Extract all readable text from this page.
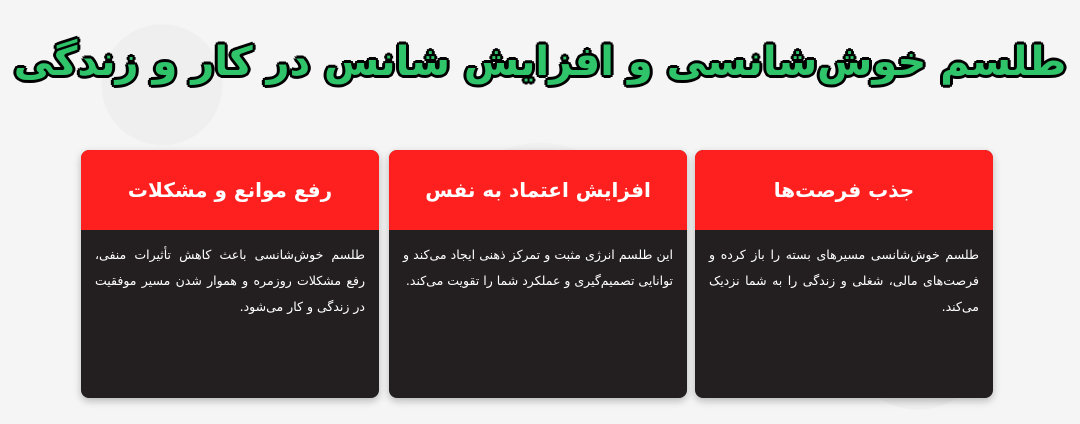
طلسم خوش‌شانسی و افزایش شانس در کار و زندگی
جذب فرصت‌ها

طلسم خوش‌شانسی مسیرهای بسته را باز کرده و فرصت‌های مالی، شغلی و زندگی را به شما نزدیک می‌کند.

افزایش اعتماد به نفس

این طلسم انرژی مثبت و تمرکز ذهنی ایجاد می‌کند و توانایی تصمیم‌گیری و عملکرد شما را تقویت می‌کند.

رفع موانع و مشکلات

طلسم خوش‌شانسی باعث کاهش تأثیرات منفی، رفع مشکلات روزمره و هموار شدن مسیر موفقیت در زندگی و کار می‌شود.
